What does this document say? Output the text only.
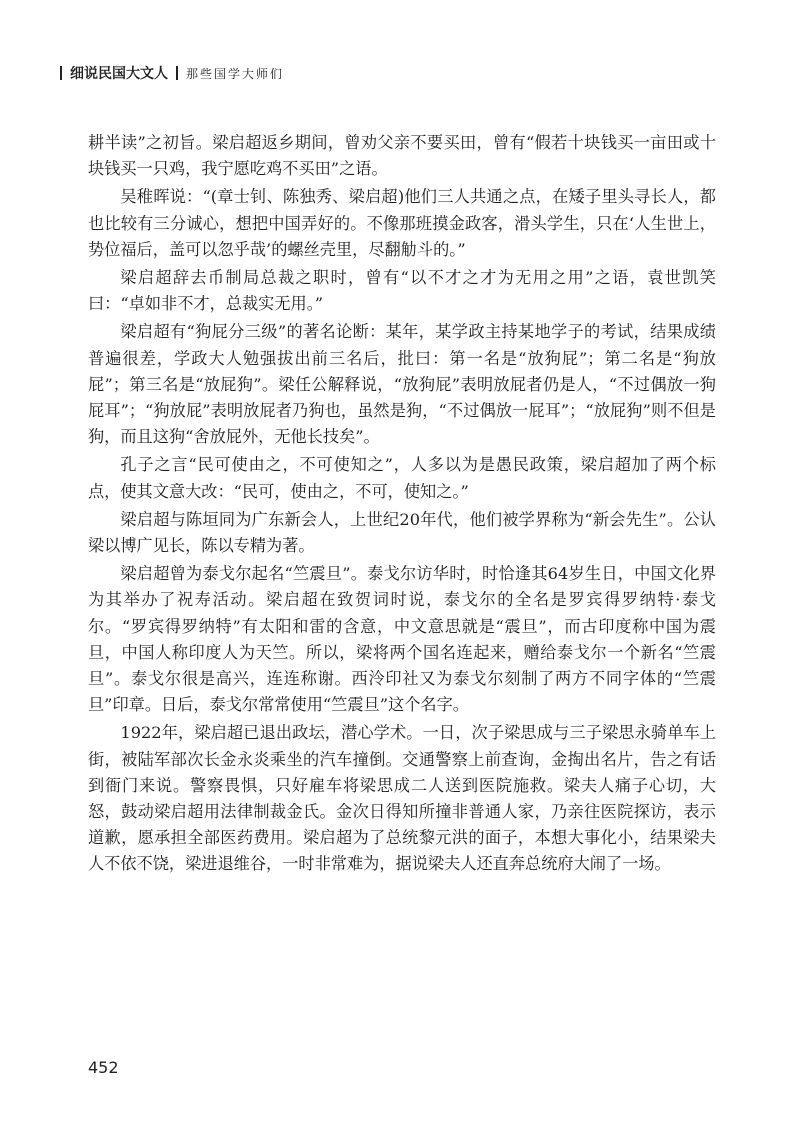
细说民国大文人 那些国学大师们

耕半读”之初旨。梁启超返乡期间，曾劝父亲不要买田，曾有“假若十块钱买一亩田或十块钱买一只鸡，我宁愿吃鸡不买田”之语。

吴稚晖说：“(章士钊、陈独秀、梁启超)他们三人共通之点，在矮子里头寻长人，都也比较有三分诚心，想把中国弄好的。不像那班摸金政客，滑头学生，只在‘人生世上，势位福后，盖可以忽乎哉’的螺丝壳里，尽翻觔斗的。”

梁启超辞去币制局总裁之职时，曾有“以不才之才为无用之用”之语，袁世凯笑曰：“卓如非不才，总裁实无用。”

梁启超有“狗屁分三级”的著名论断：某年，某学政主持某地学子的考试，结果成绩普遍很差，学政大人勉强拔出前三名后，批曰：第一名是“放狗屁”；第二名是“狗放屁”；第三名是“放屁狗”。梁任公解释说，“放狗屁”表明放屁者仍是人，“不过偶放一狗屁耳”；“狗放屁”表明放屁者乃狗也，虽然是狗，“不过偶放一屁耳”；“放屁狗”则不但是狗，而且这狗“舍放屁外，无他长技矣”。

孔子之言“民可使由之，不可使知之”，人多以为是愚民政策，梁启超加了两个标点，使其文意大改：“民可，使由之，不可，使知之。”

梁启超与陈垣同为广东新会人，上世纪20年代，他们被学界称为“新会先生”。公认梁以博广见长，陈以专精为著。

梁启超曾为泰戈尔起名“竺震旦”。泰戈尔访华时，时恰逢其64岁生日，中国文化界为其举办了祝寿活动。梁启超在致贺词时说，泰戈尔的全名是罗宾得罗纳特·泰戈尔。“罗宾得罗纳特”有太阳和雷的含意，中文意思就是“震旦”，而古印度称中国为震旦，中国人称印度人为天竺。所以，梁将两个国名连起来，赠给泰戈尔一个新名“竺震旦”。泰戈尔很是高兴，连连称谢。西泠印社又为泰戈尔刻制了两方不同字体的“竺震旦”印章。日后，泰戈尔常常使用“竺震旦”这个名字。

1922年，梁启超已退出政坛，潜心学术。一日，次子梁思成与三子梁思永骑单车上街，被陆军部次长金永炎乘坐的汽车撞倒。交通警察上前查询，金掏出名片，告之有话到衙门来说。警察畏惧，只好雇车将梁思成二人送到医院施救。梁夫人痛子心切，大怒，鼓动梁启超用法律制裁金氏。金次日得知所撞非普通人家，乃亲往医院探访，表示道歉，愿承担全部医药费用。梁启超为了总统黎元洪的面子，本想大事化小，结果梁夫人不依不饶，梁进退维谷，一时非常难为，据说梁夫人还直奔总统府大闹了一场。

452
